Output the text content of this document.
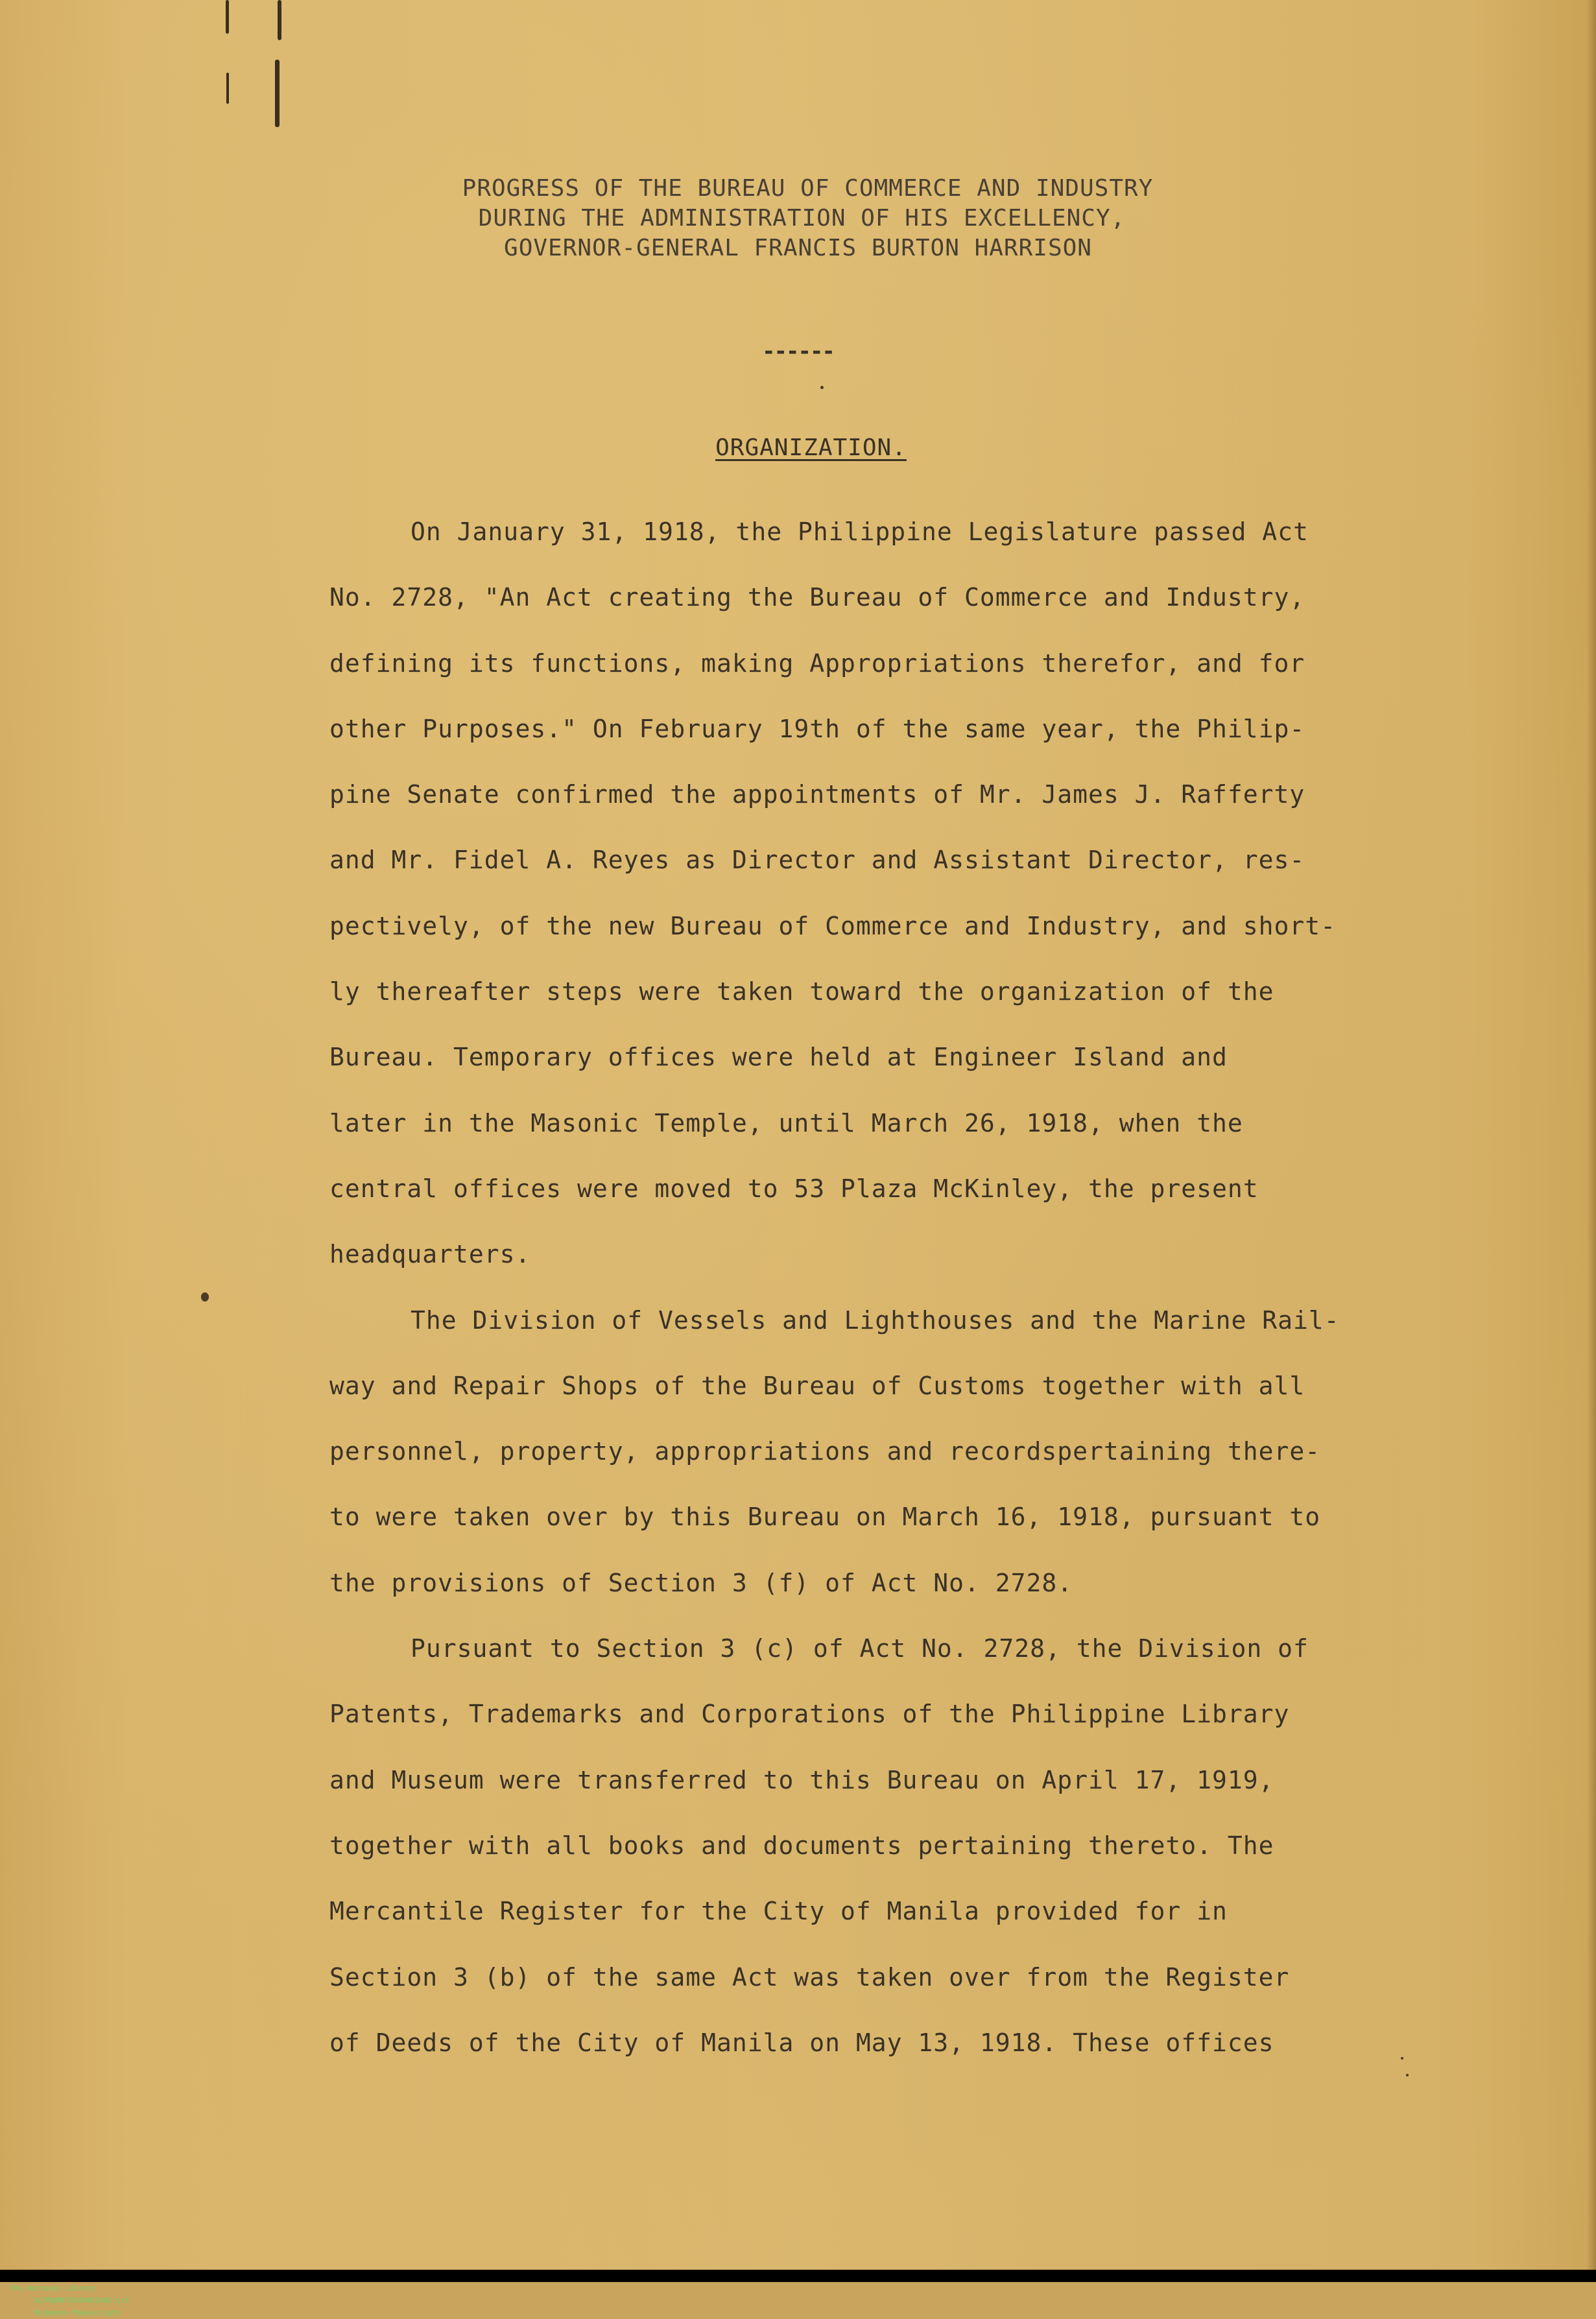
PROGRESS OF THE BUREAU OF COMMERCE AND INDUSTRY
DURING THE ADMINISTRATION OF HIS EXCELLENCY,
GOVERNOR-GENERAL FRANCIS BURTON HARRISON
------
ORGANIZATION.
On January 31, 1918, the Philippine Legislature passed Act
No. 2728, "An Act creating the Bureau of Commerce and Industry,
defining its functions, making Appropriations therefor, and for
other Purposes." On February 19th of the same year, the Philip-
pine Senate confirmed the appointments of Mr. James J. Rafferty
and Mr. Fidel A. Reyes as Director and Assistant Director, res-
pectively, of the new Bureau of Commerce and Industry, and short-
ly thereafter steps were taken toward the organization of the
Bureau. Temporary offices were held at Engineer Island and
later in the Masonic Temple, until March 26, 1918, when the
central offices were moved to 53 Plaza McKinley, the present
headquarters.
The Division of Vessels and Lighthouses and the Marine Rail-
way and Repair Shops of the Bureau of Customs together with all
personnel, property, appropriations and recordspertaining there-
to were taken over by this Bureau on March 16, 1918, pursuant to
the provisions of Section 3 (f) of Act No. 2728.
Pursuant to Section 3 (c) of Act No. 2728, the Division of
Patents, Trademarks and Corporations of the Philippine Library
and Museum were transferred to this Bureau on April 17, 1919,
together with all books and documents pertaining thereto. The
Mercantile Register for the City of Manila provided for in
Section 3 (b) of the same Act was taken over from the Register
of Deeds of the City of Manila on May 13, 1918. These offices

The National Library
NLPMQMN79240401002.tif
MLQuezon Manuscripts
